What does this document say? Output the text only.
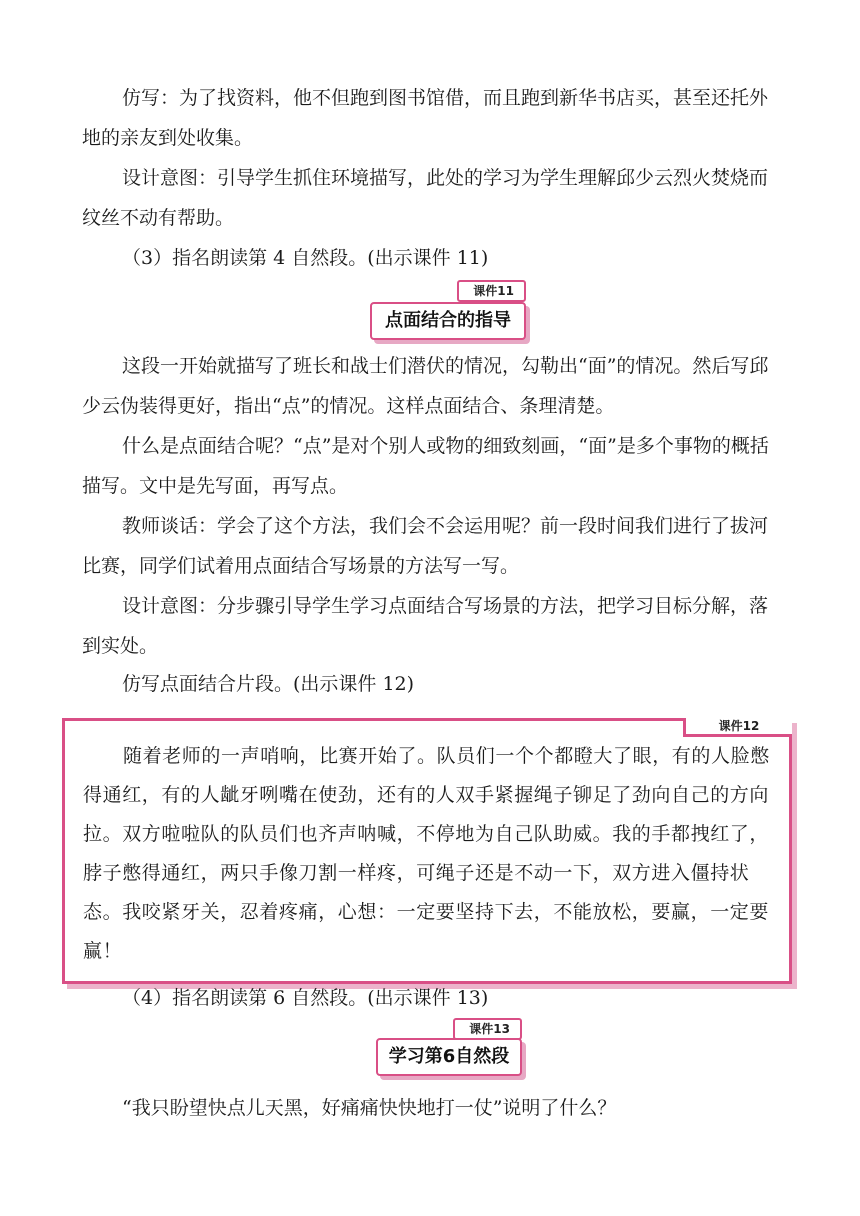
仿写：为了找资料，他不但跑到图书馆借，而且跑到新华书店买，甚至还托外地的亲友到处收集。

设计意图：引导学生抓住环境描写，此处的学习为学生理解邱少云烈火焚烧而纹丝不动有帮助。

（3）指名朗读第 4 自然段。(出示课件 11)

点面结合的指导
课件11

这段一开始就描写了班长和战士们潜伏的情况，勾勒出“面”的情况。然后写邱少云伪装得更好，指出“点”的情况。这样点面结合、条理清楚。

什么是点面结合呢？“点”是对个别人或物的细致刻画，“面”是多个事物的概括描写。文中是先写面，再写点。

教师谈话：学会了这个方法，我们会不会运用呢？前一段时间我们进行了拔河比赛，同学们试着用点面结合写场景的方法写一写。

设计意图：分步骤引导学生学习点面结合写场景的方法，把学习目标分解，落到实处。

仿写点面结合片段。(出示课件 12)

课件12

随着老师的一声哨响，比赛开始了。队员们一个个都瞪大了眼，有的人脸憋得通红，有的人龇牙咧嘴在使劲，还有的人双手紧握绳子铆足了劲向自己的方向拉。双方啦啦队的队员们也齐声呐喊，不停地为自己队助威。我的手都拽红了，脖子憋得通红，两只手像刀割一样疼，可绳子还是不动一下，双方进入僵持状态。我咬紧牙关，忍着疼痛，心想：一定要坚持下去，不能放松，要赢，一定要赢！

（4）指名朗读第 6 自然段。(出示课件 13)

学习第6自然段
课件13

“我只盼望快点儿天黑，好痛痛快快地打一仗”说明了什么？
